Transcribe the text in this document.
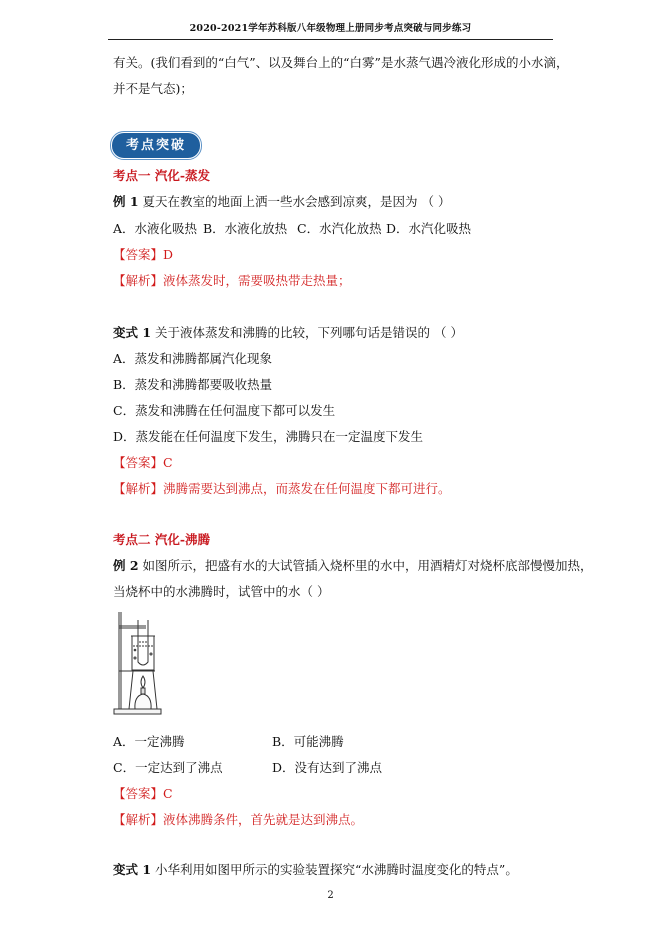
2020-2021学年苏科版八年级物理上册同步考点突破与同步练习
有关。(我们看到的“白气”、以及舞台上的“白雾”是水蒸气遇冷液化形成的小水滴，
并不是气态)；
考点突破
考点一 汽化-蒸发
例 1 夏天在教室的地面上洒一些水会感到凉爽，是因为 （ ）
A．水液化吸热 B．水液化放热 C．水汽化放热 D．水汽化吸热
【答案】D
【解析】液体蒸发时，需要吸热带走热量；
变式 1 关于液体蒸发和沸腾的比较，下列哪句话是错误的 （ ）
A．蒸发和沸腾都属汽化现象
B．蒸发和沸腾都要吸收热量
C．蒸发和沸腾在任何温度下都可以发生
D．蒸发能在任何温度下发生，沸腾只在一定温度下发生
【答案】C
【解析】沸腾需要达到沸点，而蒸发在任何温度下都可进行。
考点二 汽化-沸腾
例 2 如图所示，把盛有水的大试管插入烧杯里的水中，用酒精灯对烧杯底部慢慢加热，
当烧杯中的水沸腾时，试管中的水（ ）
A．一定沸腾	B．可能沸腾
C．一定达到了沸点	D．没有达到了沸点
【答案】C
【解析】液体沸腾条件，首先就是达到沸点。
变式 1 小华利用如图甲所示的实验装置探究“水沸腾时温度变化的特点”。
2
